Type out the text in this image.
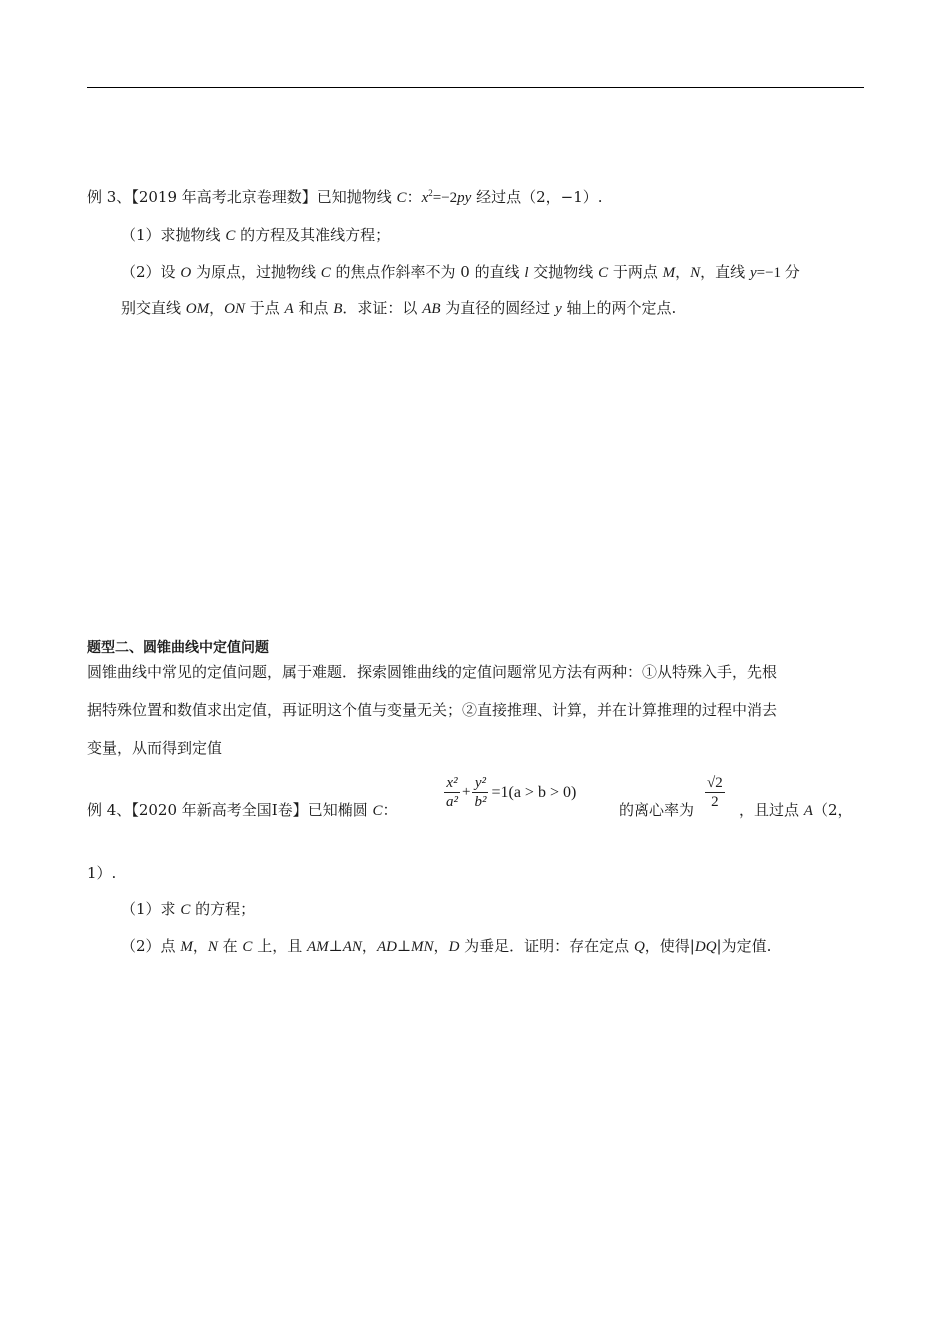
例 3、【2019 年高考北京卷理数】已知抛物线 C：$x^2=-2py$ 经过点（2，−1）.
（1）求抛物线 C 的方程及其准线方程；
（2）设 O 为原点，过抛物线 C 的焦点作斜率不为 0 的直线 l 交抛物线 C 于两点 M，N，直线 y=−1 分
别交直线 OM，ON 于点 A 和点 B．求证：以 AB 为直径的圆经过 y 轴上的两个定点.
题型二、圆锥曲线中定值问题
圆锥曲线中常见的定值问题，属于难题．探索圆锥曲线的定值问题常见方法有两种：①从特殊入手，先根
据特殊位置和数值求出定值，再证明这个值与变量无关；②直接推理、计算，并在计算推理的过程中消去
变量，从而得到定值
例 4、【2020 年新高考全国Ⅰ卷】已知椭圆 C：	$\frac{\text{x²}}{\text{a²}} + \frac{\text{y²}}{\text{b²}} =1(a > b > 0)$
的离心率为 $\frac{√2}{2}$ ，且过点 A（2，
1）.
（1）求 C 的方程；
（2）点 M，N 在 C 上，且 AM⊥AN，AD⊥MN，D 为垂足．证明：存在定点 Q，使得|DQ|为定值.
